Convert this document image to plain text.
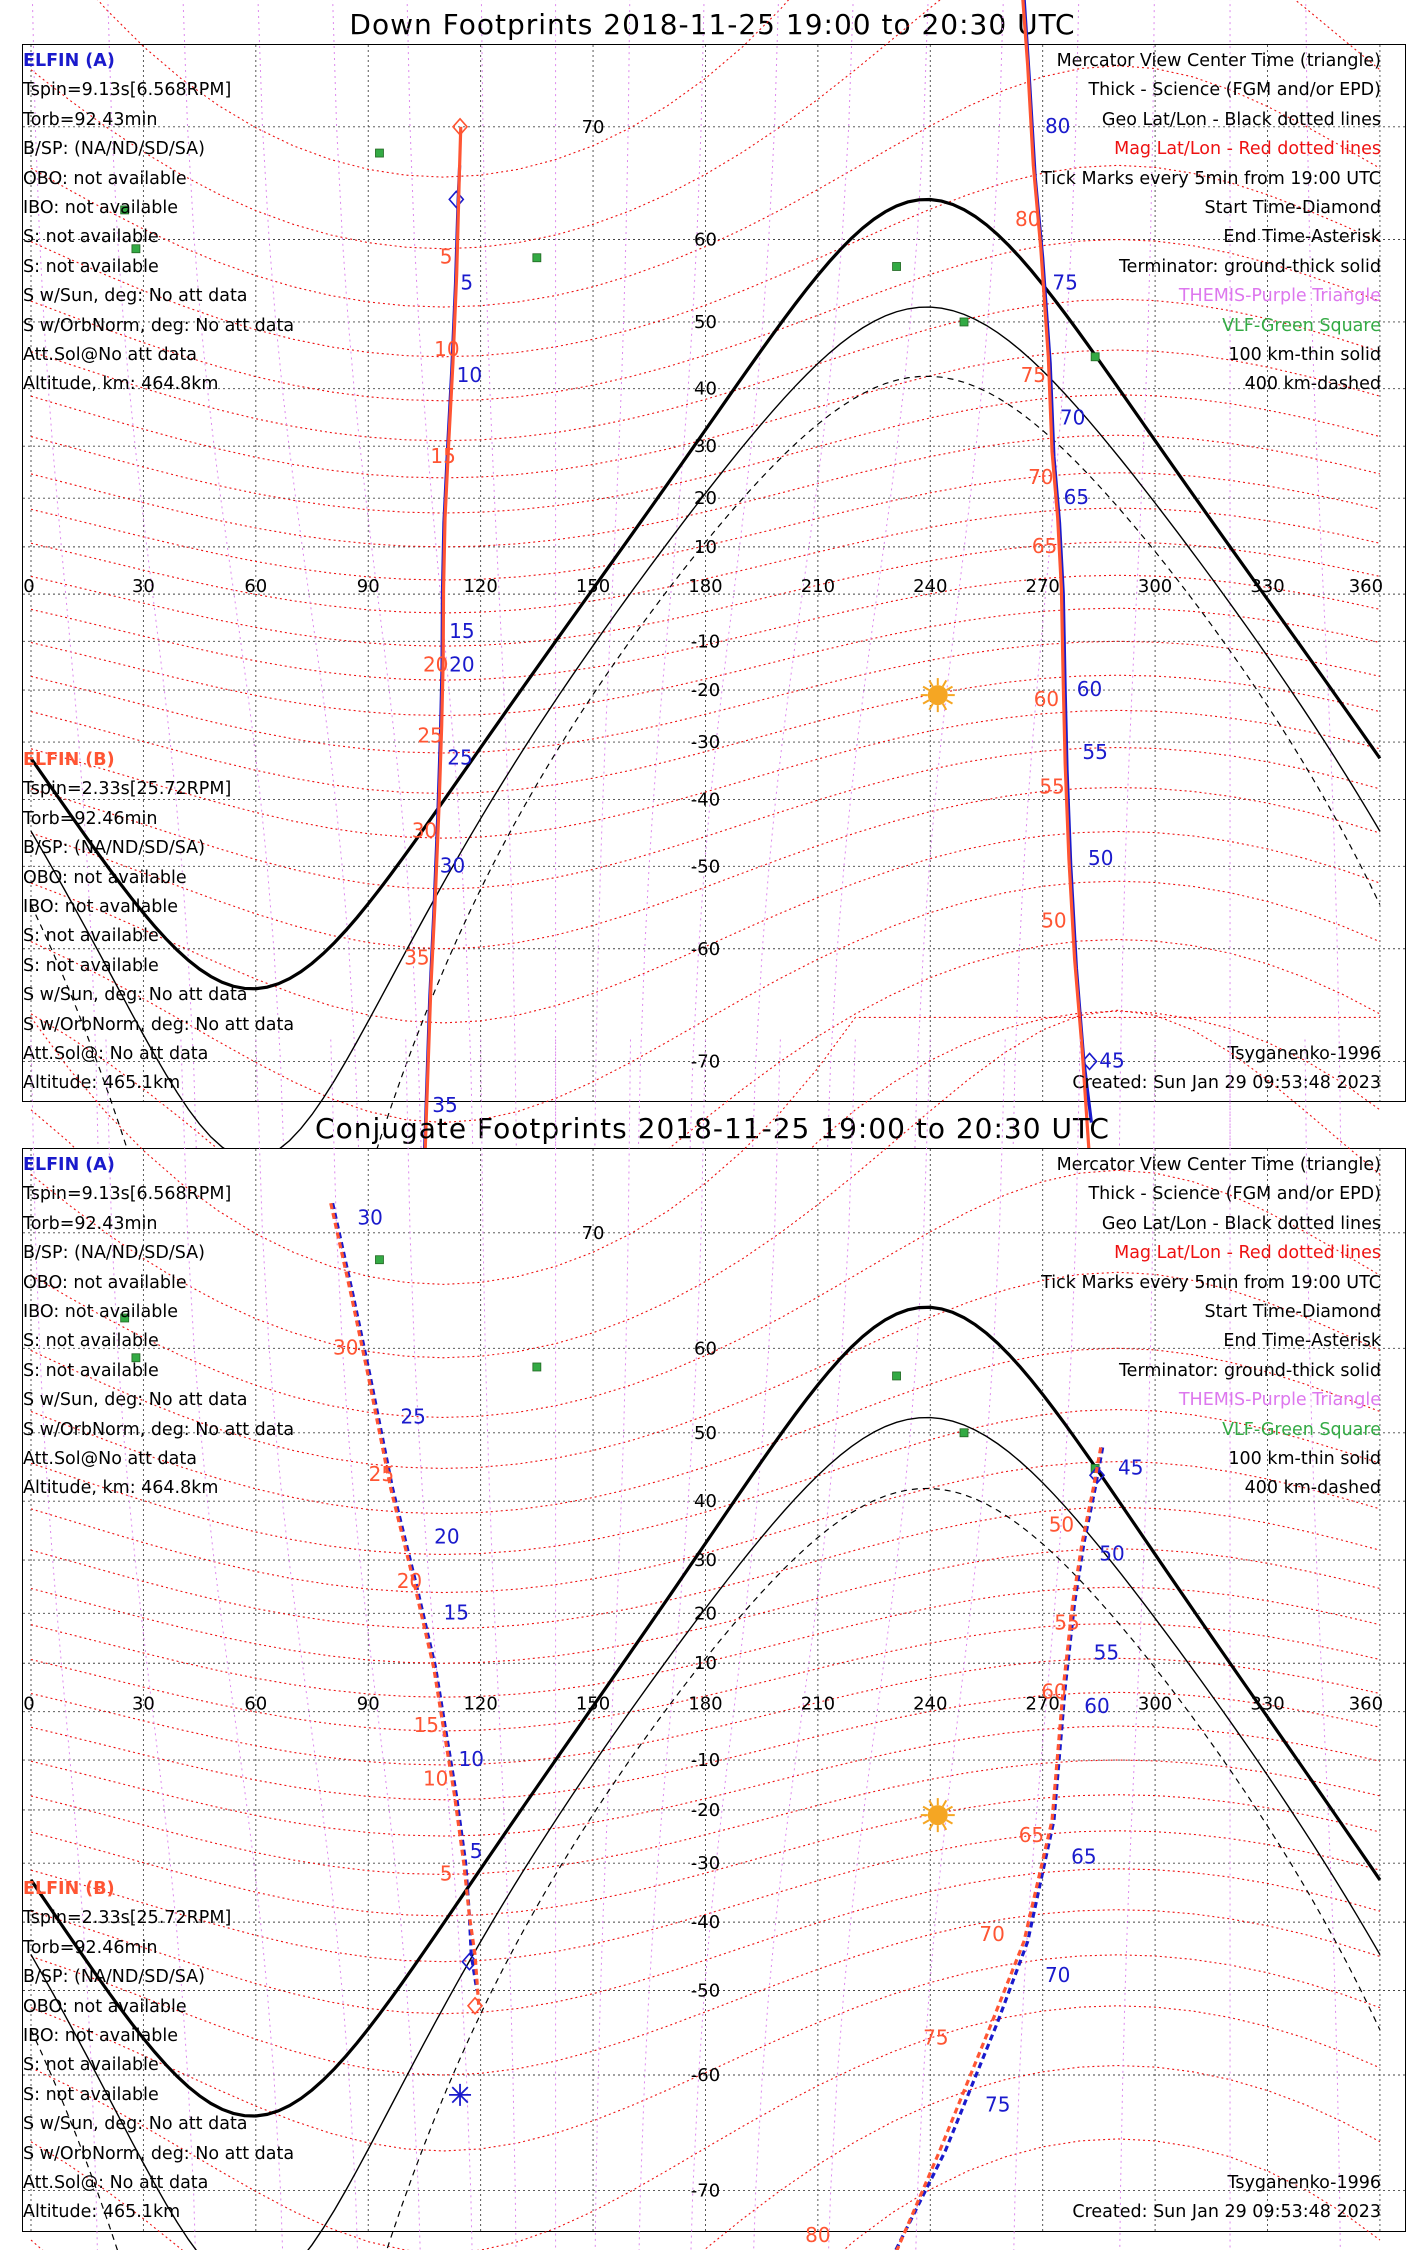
Down Footprints 2018-11-25 19:00 to 20:30 UTC
0	30	60	90	120	150	180	210	240	270	300	330	360
70
60
50
40
30
20
10
-10
-20
-30
-40
-50
-60
-70
5
10
15
20
25
30
35
5
10
15
20
25
30
35
80
75
70
65
60
55
50
45
80
75
70
65
60
55
50
ELFIN (A)
Tspin=9.13s[6.568RPM]
Torb=92.43min
B/SP: (NA/ND/SD/SA)
OBO: not available
IBO: not available
S: not available
S: not available
S w/Sun, deg: No att data
S w/OrbNorm, deg: No att data
Att.Sol@No att data
Altitude, km: 464.8km
ELFIN (B)
Tspin=2.33s[25.72RPM]
Torb=92.46min
B/SP: (NA/ND/SD/SA)
OBO: not available
IBO: not available
S: not available
S: not available
S w/Sun, deg: No att data
S w/OrbNorm, deg: No att data
Att.Sol@: No att data
Altitude: 465.1km
Mercator View Center Time (triangle)
Thick - Science (FGM and/or EPD)
Geo Lat/Lon - Black dotted lines
Mag Lat/Lon - Red dotted lines
Tick Marks every 5min from 19:00 UTC
Start Time-Diamond
End Time-Asterisk
Terminator: ground-thick solid
THEMIS-Purple Triangle
VLF-Green Square
100 km-thin solid
400 km-dashed
Tsyganenko-1996
Created: Sun Jan 29 09:53:48 2023
Conjugate Footprints 2018-11-25 19:00 to 20:30 UTC
0	30	60	90	120	150	180	210	240	270	300	330	360
70
60
50
40
30
20
10
-10
-20
-30
-40
-50
-60
-70
30
25
20
15
10
5
30
25
20
15
10
5
45
50
55
60
65
70
75
50
55
60
65
70
75
80
ELFIN (A)
Tspin=9.13s[6.568RPM]
Torb=92.43min
B/SP: (NA/ND/SD/SA)
OBO: not available
IBO: not available
S: not available
S: not available
S w/Sun, deg: No att data
S w/OrbNorm, deg: No att data
Att.Sol@No att data
Altitude, km: 464.8km
ELFIN (B)
Tspin=2.33s[25.72RPM]
Torb=92.46min
B/SP: (NA/ND/SD/SA)
OBO: not available
IBO: not available
S: not available
S: not available
S w/Sun, deg: No att data
S w/OrbNorm, deg: No att data
Att.Sol@: No att data
Altitude: 465.1km
Mercator View Center Time (triangle)
Thick - Science (FGM and/or EPD)
Geo Lat/Lon - Black dotted lines
Mag Lat/Lon - Red dotted lines
Tick Marks every 5min from 19:00 UTC
Start Time-Diamond
End Time-Asterisk
Terminator: ground-thick solid
THEMIS-Purple Triangle
VLF-Green Square
100 km-thin solid
400 km-dashed
Tsyganenko-1996
Created: Sun Jan 29 09:53:48 2023
